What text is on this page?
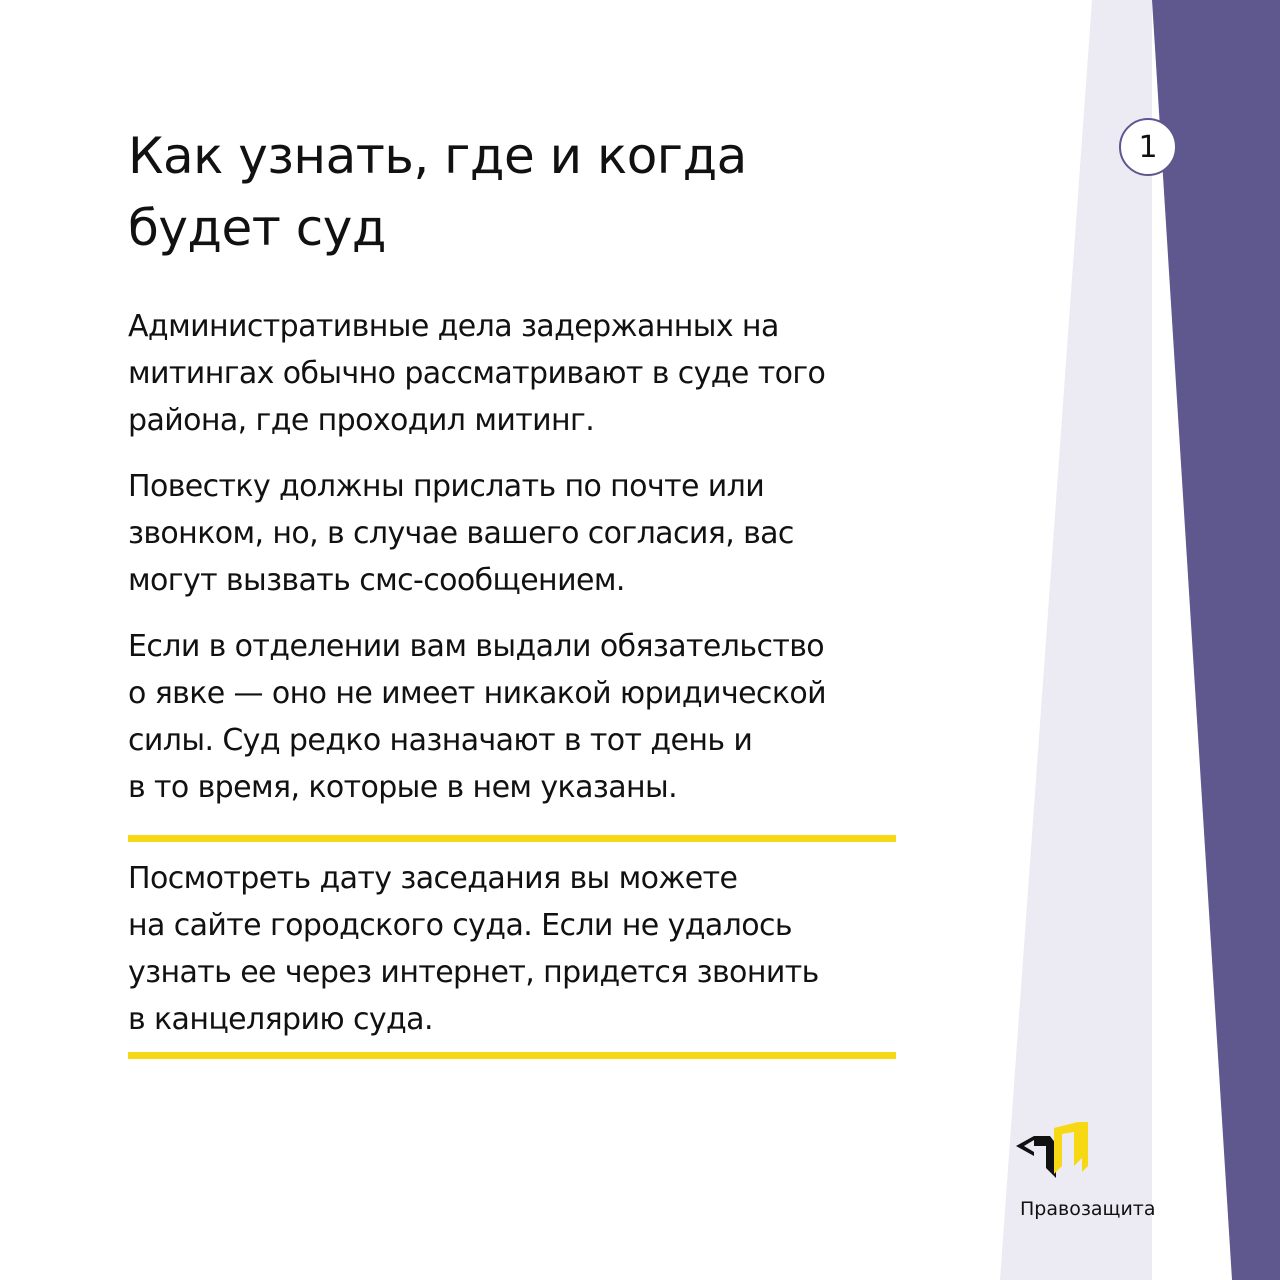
1
Как узнать, где и когда
будет суд
Административные дела задержанных на
митингах обычно рассматривают в суде того
района, где проходил митинг.
Повестку должны прислать по почте или
звонком, но, в случае вашего согласия, вас
могут вызвать смс-сообщением.
Если в отделении вам выдали обязательство
о явке — оно не имеет никакой юридической
силы. Суд редко назначают в тот день и
в то время, которые в нем указаны.
Посмотреть дату заседания вы можете
на сайте городского суда. Если не удалось
узнать ее через интернет, придется звонить
в канцелярию суда.
Правозащита
